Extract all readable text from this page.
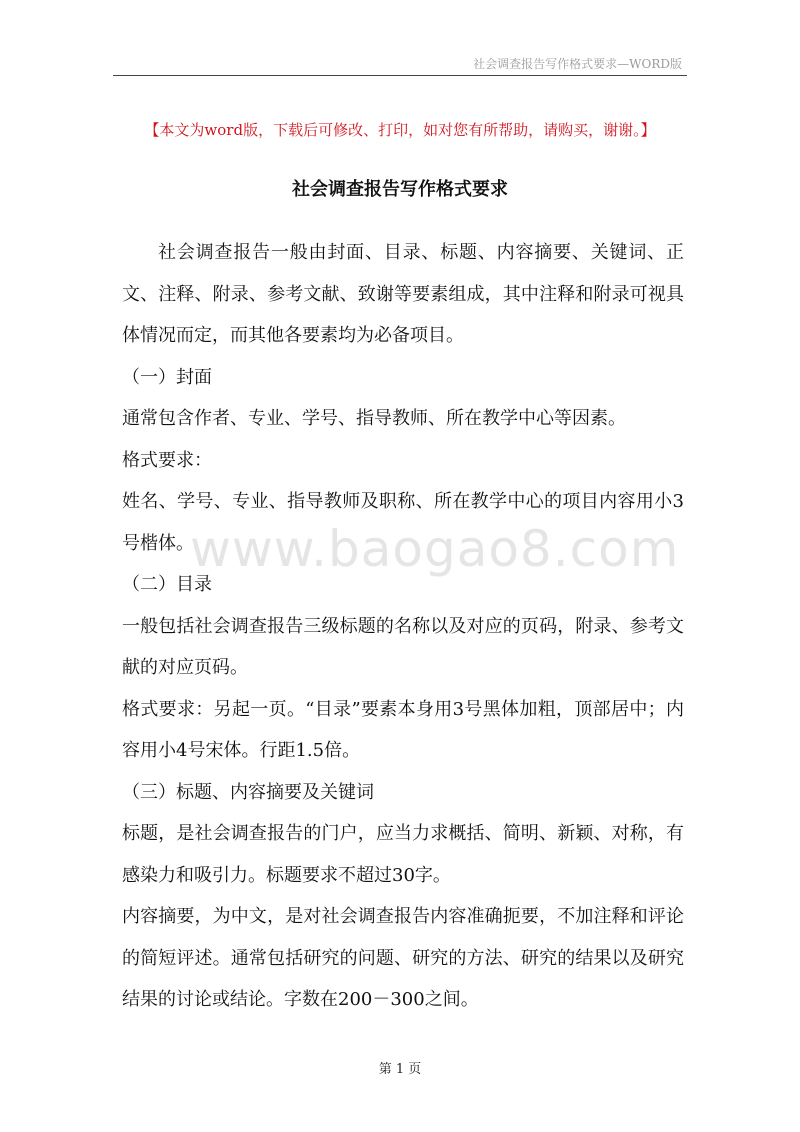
社会调查报告写作格式要求—WORD版
【本文为word版，下载后可修改、打印，如对您有所帮助，请购买，谢谢。】
社会调查报告写作格式要求

社会调查报告一般由封面、目录、标题、内容摘要、关键词、正文、注释、附录、参考文献、致谢等要素组成，其中注释和附录可视具体情况而定，而其他各要素均为必备项目。

（一）封面

通常包含作者、专业、学号、指导教师、所在教学中心等因素。

格式要求：

姓名、学号、专业、指导教师及职称、所在教学中心的项目内容用小3号楷体。

（二）目录

一般包括社会调查报告三级标题的名称以及对应的页码，附录、参考文献的对应页码。

格式要求：另起一页。“目录”要素本身用3号黑体加粗，顶部居中；内容用小4号宋体。行距1.5倍。

（三）标题、内容摘要及关键词

标题，是社会调查报告的门户，应当力求概括、简明、新颖、对称，有感染力和吸引力。标题要求不超过30字。

内容摘要，为中文，是对社会调查报告内容准确扼要，不加注释和评论的简短评述。通常包括研究的问题、研究的方法、研究的结果以及研究结果的讨论或结论。字数在200－300之间。

www.baogao8.com
第 1 页
